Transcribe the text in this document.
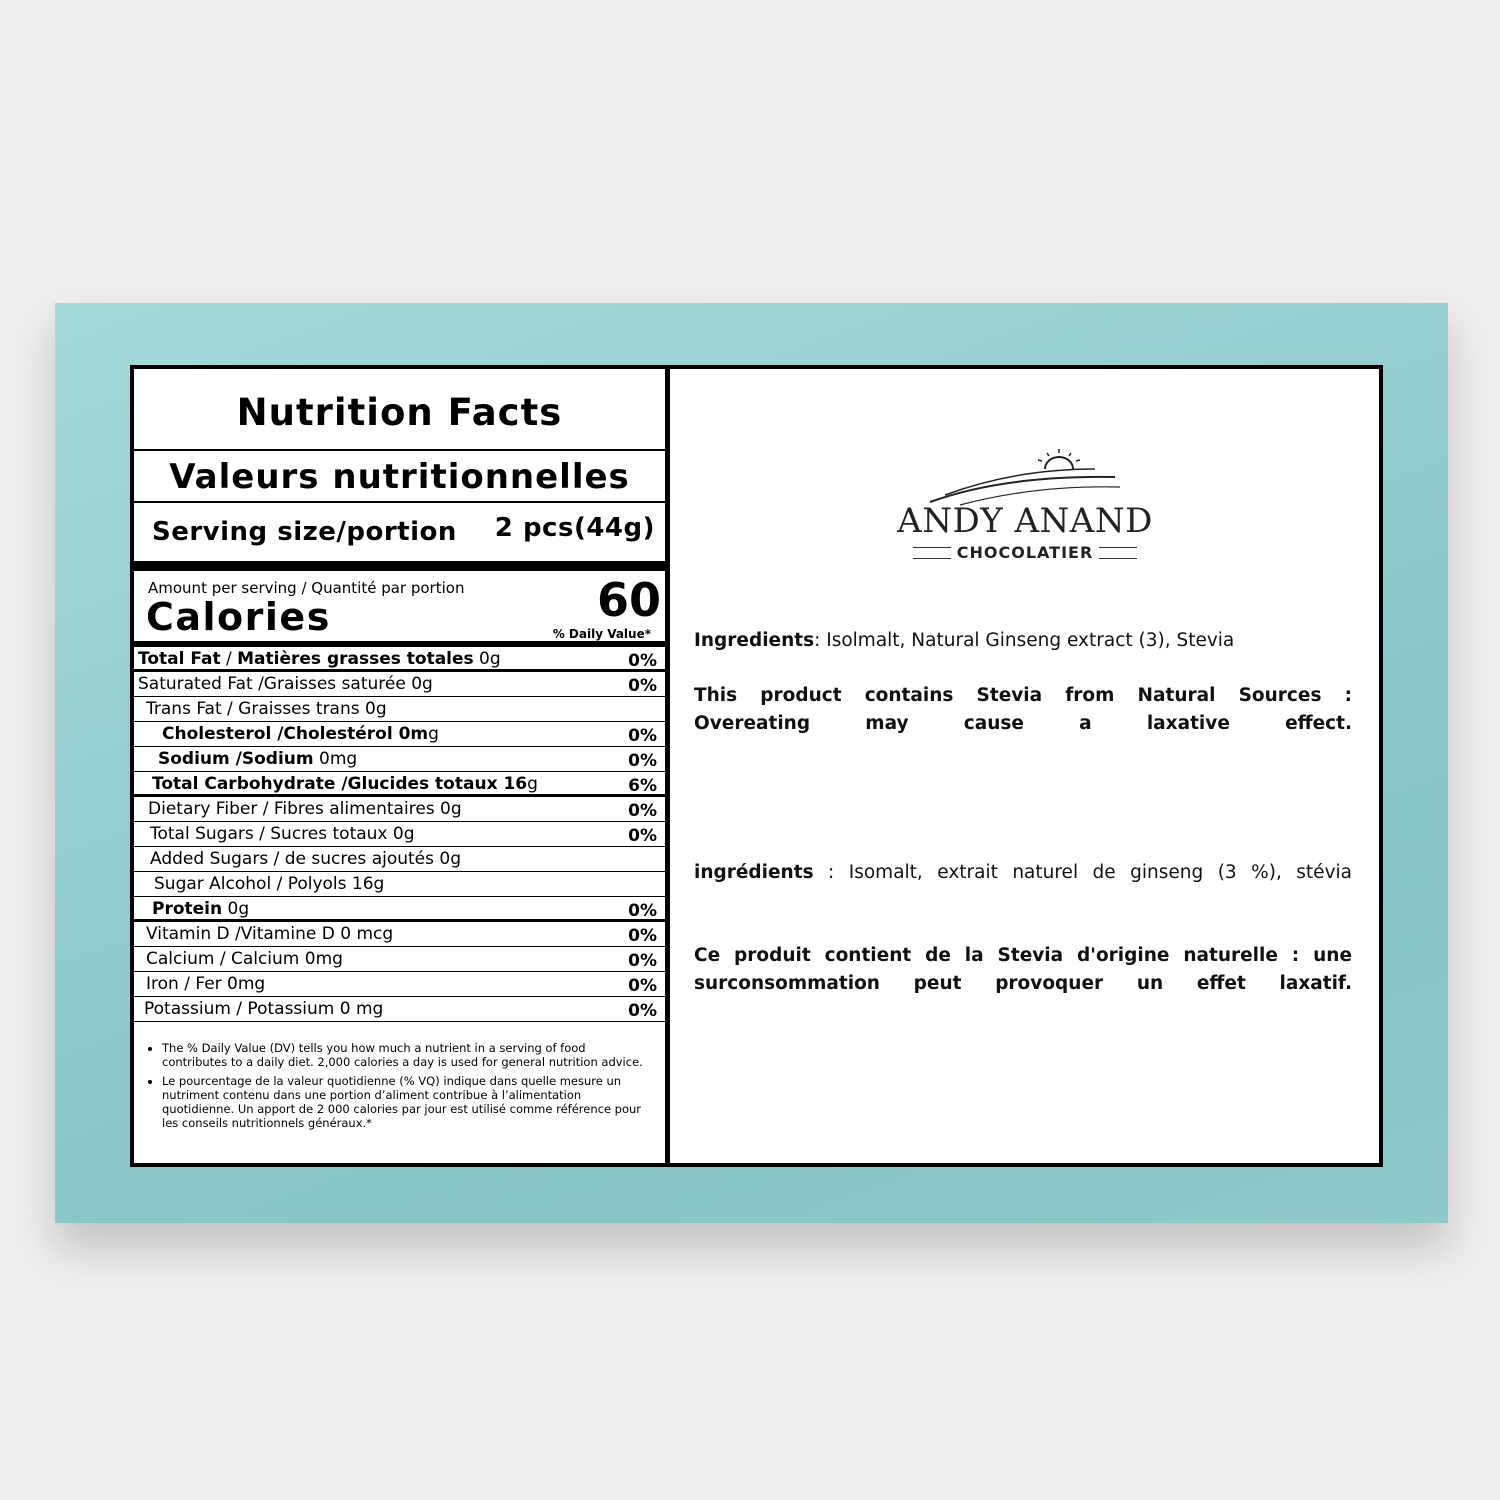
Nutrition Facts
Valeurs nutritionnelles
Serving size/portion 2 pcs(44g)
Amount per serving / Quantité par portion
Calories	60
% Daily Value*
Total Fat / Matières grasses totales 0g	0%
Saturated Fat /Graisses saturée 0g	0%
Trans Fat / Graisses trans 0g
Cholesterol /Cholestérol 0mg	0%
Sodium /Sodium 0mg	0%
Total Carbohydrate /Glucides totaux 16g	6%
Dietary Fiber / Fibres alimentaires 0g	0%
Total Sugars / Sucres totaux 0g	0%
Added Sugars / de sucres ajoutés 0g
Sugar Alcohol / Polyols 16g
Protein 0g	0%
Vitamin D /Vitamine D 0 mcg	0%
Calcium / Calcium 0mg	0%
Iron / Fer 0mg	0%
Potassium / Potassium 0 mg	0%
• The % Daily Value (DV) tells you how much a nutrient in a serving of food contributes to a daily diet. 2,000 calories a day is used for general nutrition advice.
• Le pourcentage de la valeur quotidienne (% VQ) indique dans quelle mesure un nutriment contenu dans une portion d’aliment contribue à l’alimentation quotidienne. Un apport de 2 000 calories par jour est utilisé comme référence pour les conseils nutritionnels généraux.*
ANDY ANAND
CHOCOLATIER
Ingredients: Isolmalt, Natural Ginseng extract (3), Stevia
This product contains Stevia from Natural Sources : Overeating may cause a laxative effect.
ingrédients : Isomalt, extrait naturel de ginseng (3 %), stévia
Ce produit contient de la Stevia d'origine naturelle : une surconsommation peut provoquer un effet laxatif.
